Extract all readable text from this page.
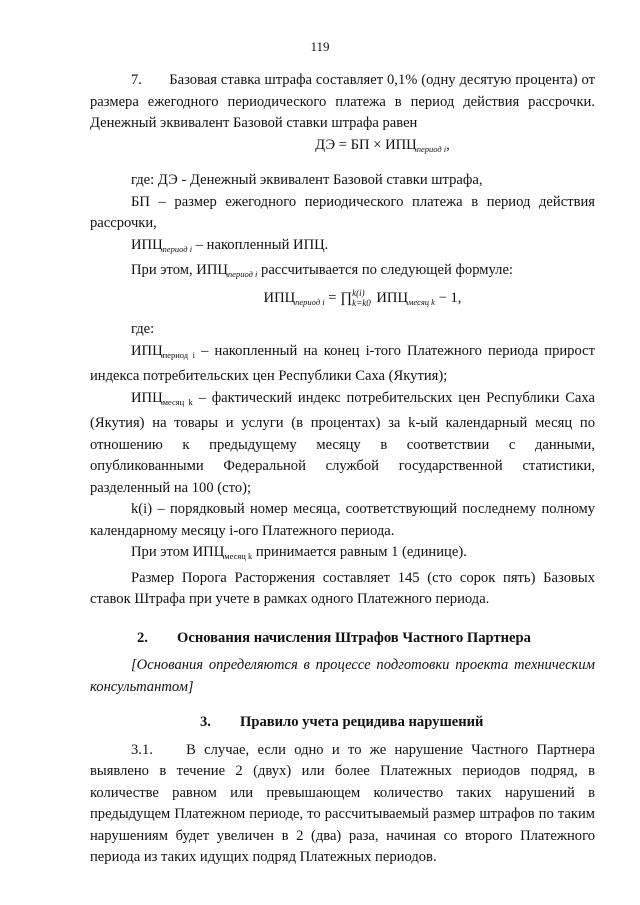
119

7. Базовая ставка штрафа составляет 0,1% (одну десятую процента) от размера ежегодного периодического платежа в период действия рассрочки. Денежный эквивалент Базовой ставки штрафа равен

ДЭ = БП × $ИПЦ_{период i}$,

где: ДЭ - Денежный эквивалент Базовой ставки штрафа,

БП – размер ежегодного периодического платежа в период действия рассрочки,

$ИПЦ_{период i}$ – накопленный ИПЦ.

При этом, $ИПЦ_{период i}$ рассчитывается по следующей формуле:

$ИПЦ_{период i}$ = ∏k(i)
k=k0 $ИПЦ_{месяц k} - 1$,

где:

$ИПЦ_{период i}$ – накопленный на конец i-того Платежного периода прирост индекса потребительских цен Республики Саха (Якутия);

$ИПЦ_{месяц k}$ – фактический индекс потребительских цен Республики Саха (Якутия) на товары и услуги (в процентах) за k-ый календарный месяц по отношению к предыдущему месяцу в соответствии с данными, опубликованными Федеральной службой государственной статистики, разделенный на 100 (сто);

k(i) – порядковый номер месяца, соответствующий последнему полному календарному месяцу i-ого Платежного периода.

При этом $ИПЦ_{месяц k}$ принимается равным 1 (единице).

Размер Порога Расторжения составляет 145 (сто сорок пять) Базовых ставок Штрафа при учете в рамках одного Платежного периода.

2. Основания начисления Штрафов Частного Партнера

[Основания определяются в процессе подготовки проекта техническим консультантом]

3. Правило учета рецидива нарушений

3.1. В случае, если одно и то же нарушение Частного Партнера выявлено в течение 2 (двух) или более Платежных периодов подряд, в количестве равном или превышающем количество таких нарушений в предыдущем Платежном периоде, то рассчитываемый размер штрафов по таким нарушениям будет увеличен в 2 (два) раза, начиная со второго Платежного периода из таких идущих подряд Платежных периодов.
